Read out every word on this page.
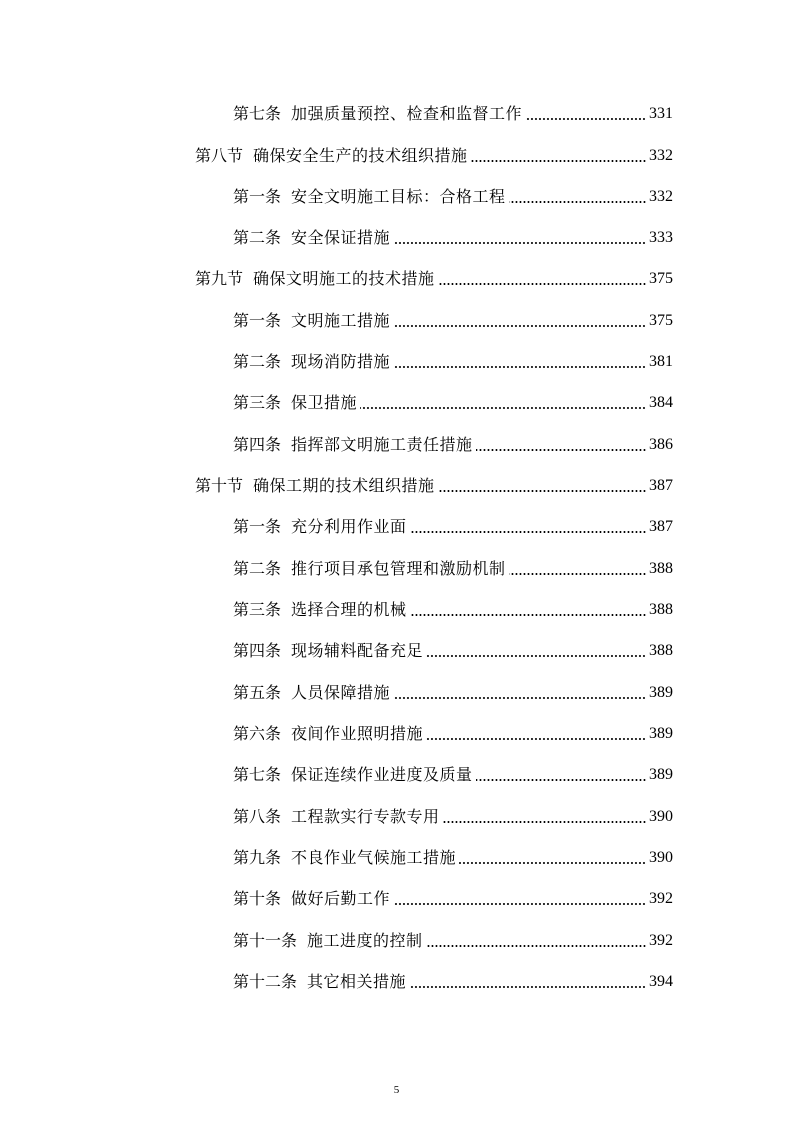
第七条 加强质量预控、检查和监督工作	331
第八节 确保安全生产的技术组织措施	332
第一条 安全文明施工目标：合格工程	332
第二条 安全保证措施	333
第九节 确保文明施工的技术措施	375
第一条 文明施工措施	375
第二条 现场消防措施	381
第三条 保卫措施	384
第四条 指挥部文明施工责任措施	386
第十节 确保工期的技术组织措施	387
第一条 充分利用作业面	387
第二条 推行项目承包管理和激励机制	388
第三条 选择合理的机械	388
第四条 现场辅料配备充足	388
第五条 人员保障措施	389
第六条 夜间作业照明措施	389
第七条 保证连续作业进度及质量	389
第八条 工程款实行专款专用	390
第九条 不良作业气候施工措施	390
第十条 做好后勤工作	392
第十一条 施工进度的控制	392
第十二条 其它相关措施	394
5
